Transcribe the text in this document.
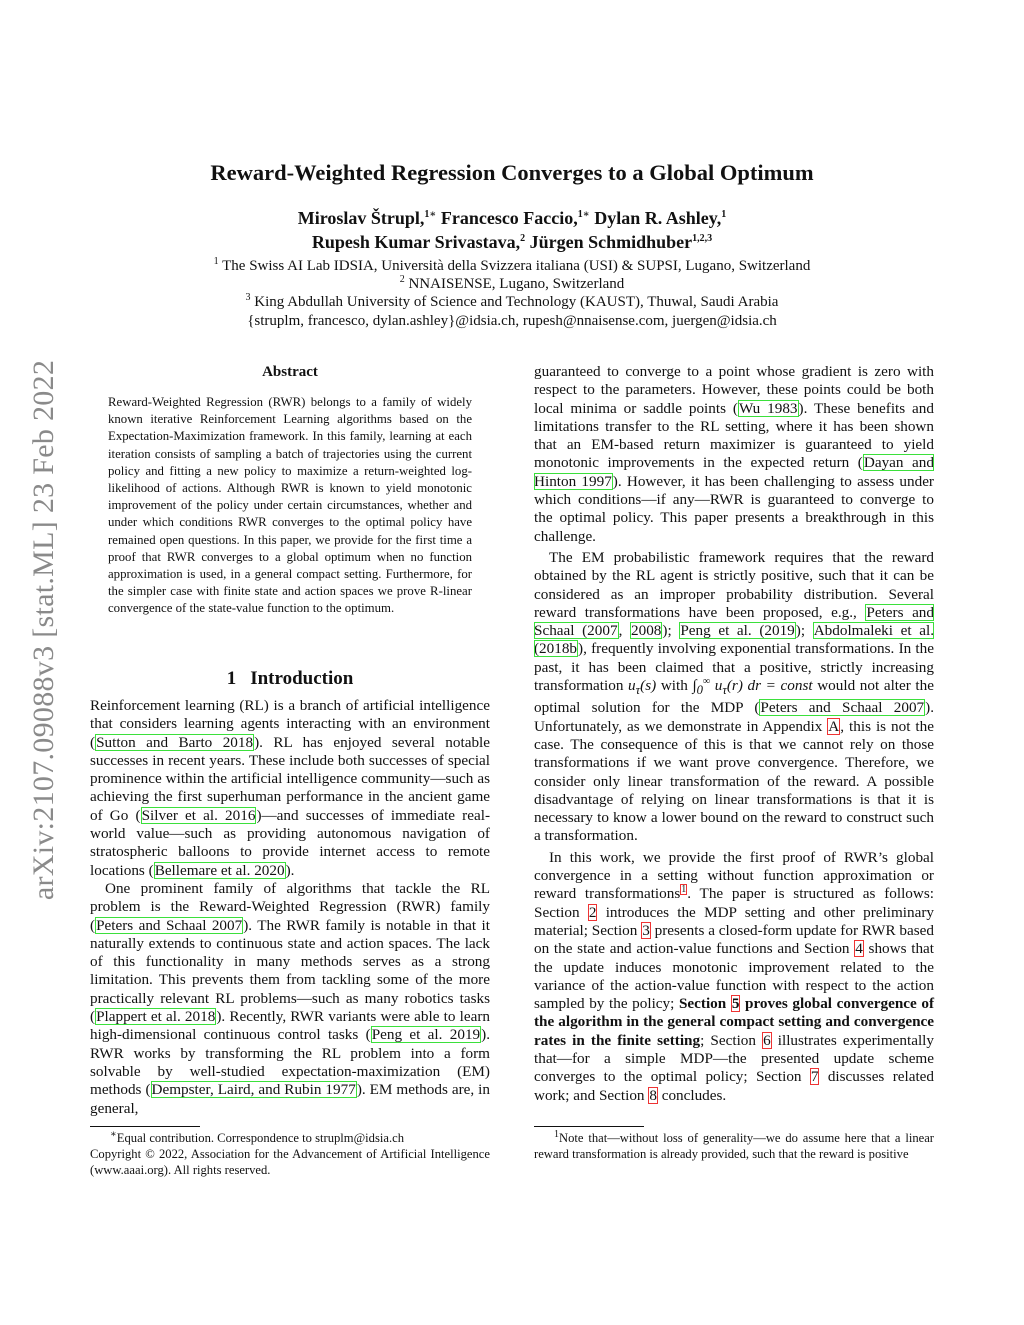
arXiv:2107.09088v3 [stat.ML] 23 Feb 2022
Reward-Weighted Regression Converges to a Global Optimum
Miroslav Štrupl,$^{1∗}$ Francesco Faccio,$^{1∗}$ Dylan R. Ashley,$^1$
Rupesh Kumar Srivastava,$^2$ Jürgen Schmidhuber$^{1,2,3}$
$^1$ The Swiss AI Lab IDSIA, Università della Svizzera italiana (USI) & SUPSI, Lugano, Switzerland
$^2$ NNAISENSE, Lugano, Switzerland
$^3$ King Abdullah University of Science and Technology (KAUST), Thuwal, Saudi Arabia
{struplm, francesco, dylan.ashley}@idsia.ch, rupesh@nnaisense.com, juergen@idsia.ch
Abstract
Reward-Weighted Regression (RWR) belongs to a family of widely known iterative Reinforcement Learning algorithms based on the Expectation-Maximization framework. In this family, learning at each iteration consists of sampling a batch of trajectories using the current policy and fitting a new policy to maximize a return-weighted log-likelihood of actions. Although RWR is known to yield monotonic improvement of the policy under certain circumstances, whether and under which conditions RWR converges to the optimal policy have remained open questions. In this paper, we provide for the first time a proof that RWR converges to a global optimum when no function approximation is used, in a general compact setting. Furthermore, for the simpler case with finite state and action spaces we prove R-linear convergence of the state-value function to the optimum.
1 Introduction

Reinforcement learning (RL) is a branch of artificial intelligence that considers learning agents interacting with an environment (Sutton and Barto 2018). RL has enjoyed several notable successes in recent years. These include both successes of special prominence within the artificial intelligence community—such as achieving the first superhuman performance in the ancient game of Go (Silver et al. 2016)—and successes of immediate real-world value—such as providing autonomous navigation of stratospheric balloons to provide internet access to remote locations (Bellemare et al. 2020).

One prominent family of algorithms that tackle the RL problem is the Reward-Weighted Regression (RWR) family (Peters and Schaal 2007). The RWR family is notable in that it naturally extends to continuous state and action spaces. The lack of this functionality in many methods serves as a strong limitation. This prevents them from tackling some of the more practically relevant RL problems—such as many robotics tasks (Plappert et al. 2018). Recently, RWR variants were able to learn high-dimensional continuous control tasks (Peng et al. 2019). RWR works by transforming the RL problem into a form solvable by well-studied expectation-maximization (EM) methods (Dempster, Laird, and Rubin 1977). EM methods are, in general,

∗Equal contribution. Correspondence to struplm@idsia.ch

Copyright © 2022, Association for the Advancement of Artificial Intelligence (www.aaai.org). All rights reserved.

guaranteed to converge to a point whose gradient is zero with respect to the parameters. However, these points could be both local minima or saddle points (Wu 1983). These benefits and limitations transfer to the RL setting, where it has been shown that an EM-based return maximizer is guaranteed to yield monotonic improvements in the expected return (Dayan and Hinton 1997). However, it has been challenging to assess under which conditions—if any—RWR is guaranteed to converge to the optimal policy. This paper presents a breakthrough in this challenge.

The EM probabilistic framework requires that the reward obtained by the RL agent is strictly positive, such that it can be considered as an improper probability distribution. Several reward transformations have been proposed, e.g., Peters and Schaal (2007, 2008); Peng et al. (2019); Abdolmaleki et al. (2018b), frequently involving exponential transformations. In the past, it has been claimed that a positive, strictly increasing transformation $u_\tau(s)$ with $\int_0^\infty$ $u_\tau(r)$ dr = const would not alter the optimal solution for the MDP (Peters and Schaal 2007). Unfortunately, as we demonstrate in Appendix A, this is not the case. The consequence of this is that we cannot rely on those transformations if we want prove convergence. Therefore, we consider only linear transformation of the reward. A possible disadvantage of relying on linear transformations is that it is necessary to know a lower bound on the reward to construct such a transformation.

In this work, we provide the first proof of RWR’s global convergence in a setting without function approximation or reward transformations$^1$. The paper is structured as follows: Section 2 introduces the MDP setting and other preliminary material; Section 3 presents a closed-form update for RWR based on the state and action-value functions and Section 4 shows that the update induces monotonic improvement related to the variance of the action-value function with respect to the action sampled by the policy; Section 5 proves global convergence of the algorithm in the general compact setting and convergence rates in the finite setting; Section 6 illustrates experimentally that—for a simple MDP—the presented update scheme converges to the optimal policy; Section 7 discusses related work; and Section 8 concludes.

$^1$Note that—without loss of generality—we do assume here that a linear reward transformation is already provided, such that the reward is positive
